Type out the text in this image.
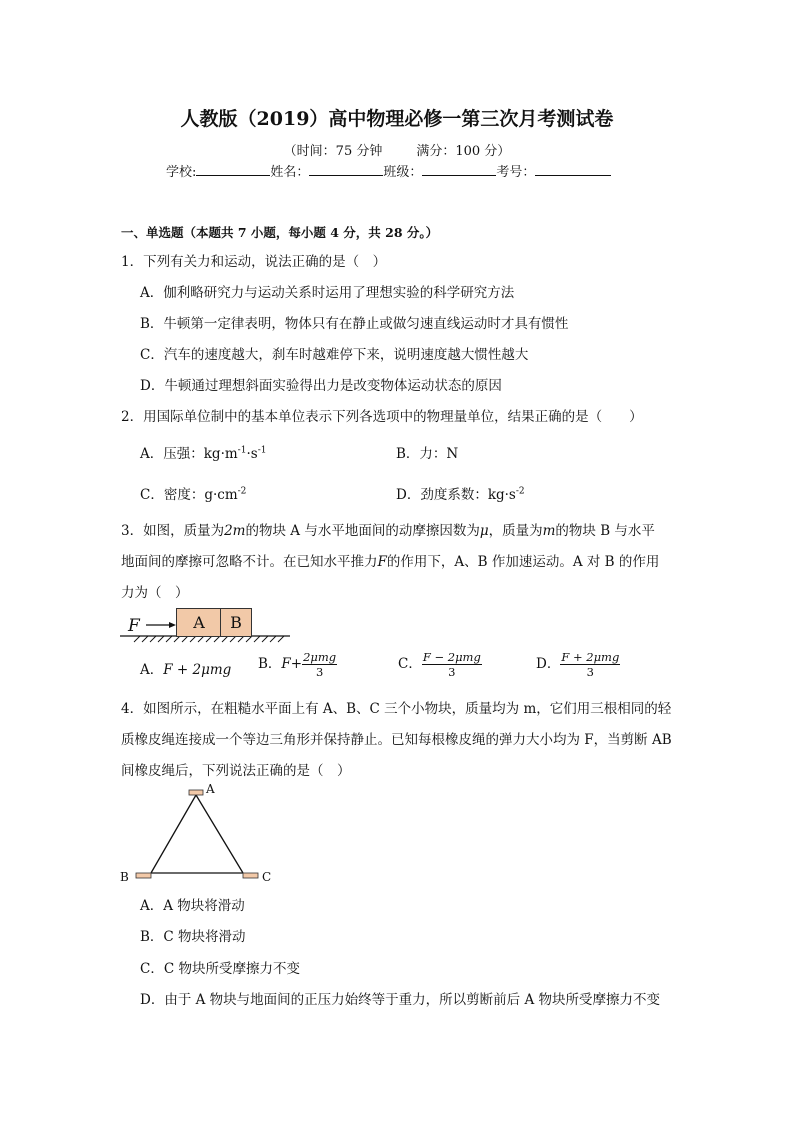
人教版（2019）高中物理必修一第三次月考测试卷
（时间：75 分钟	满分：100 分）
学校:	姓名：	班级：	考号：
一、单选题（本题共 7 小题，每小题 4 分，共 28 分。）
1．下列有关力和运动，说法正确的是（　）
A．伽利略研究力与运动关系时运用了理想实验的科学研究方法
B．牛顿第一定律表明，物体只有在静止或做匀速直线运动时才具有惯性
C．汽车的速度越大，刹车时越难停下来，说明速度越大惯性越大
D．牛顿通过理想斜面实验得出力是改变物体运动状态的原因
2．用国际单位制中的基本单位表示下列各选项中的物理量单位，结果正确的是（　　）
A．压强：$kg\cdot m^{-1}\cdot s^{-1}$	B．力：N
C．密度：$g\cdot cm^{-2}$	D．劲度系数：$kg\cdot s^{-2}$
3．如图，质量为2m的物块 A 与水平地面间的动摩擦因数为μ，质量为m的物块 B 与水平
地面间的摩擦可忽略不计。在已知水平推力F的作用下，A、B 作加速运动。A 对 B 的作用
力为（　）
F	A B
A．F + 2μmg B．$F+ \frac{\text{2μmg}}{3}$	C． $\frac{\text{F − 2μmg}}{3}$	D． $\frac{\text{F + 2μmg}}{3}$
4．如图所示，在粗糙水平面上有 A、B、C 三个小物块，质量均为 m，它们用三根相同的轻
质橡皮绳连接成一个等边三角形并保持静止。已知每根橡皮绳的弹力大小均为 F，当剪断 AB
间橡皮绳后，下列说法正确的是（　）
A
B	C
A．A 物块将滑动
B．C 物块将滑动
C．C 物块所受摩擦力不变
D．由于 A 物块与地面间的正压力始终等于重力，所以剪断前后 A 物块所受摩擦力不变
